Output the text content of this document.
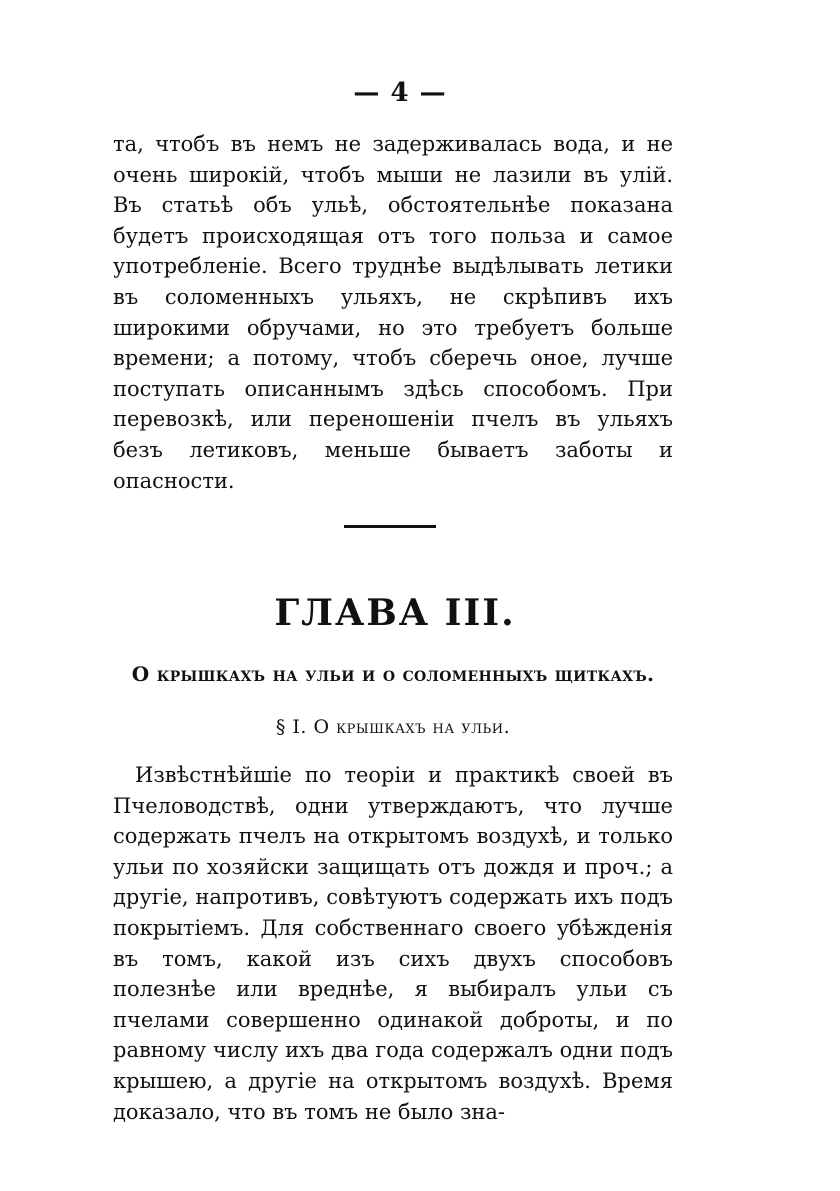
— 4 —

та, чтобъ въ немъ не задерживалась вода, и не очень широкій, чтобъ мыши не лазили въ улій. Въ статьѣ объ ульѣ, обстоятельнѣе показана будетъ происходящая отъ того польза и самое употребленіе. Всего труднѣе выдѣлывать летики въ соломенныхъ ульяхъ, не скрѣпивъ ихъ широкими обручами, но это требуетъ больше времени; а потому, чтобъ сберечь оное, лучше поступать описаннымъ здѣсь способомъ. При перевозкѣ, или переношеніи пчелъ въ ульяхъ безъ летиковъ, меньше бываетъ заботы и опасности.

ГЛАВА III.
О крышкахъ на ульи и о соломенныхъ щиткахъ.
§ I. О крышкахъ на ульи.

Извѣстнѣйшіе по теоріи и практикѣ своей въ Пчеловодствѣ, одни утверждаютъ, что лучше содержать пчелъ на открытомъ воздухѣ, и только ульи по хозяйски защищать отъ дождя и проч.; а другіе, напротивъ, совѣтуютъ содержать ихъ подъ покрытіемъ. Для собственнаго своего убѣжденія въ томъ, какой изъ сихъ двухъ способовъ полезнѣе или вреднѣе, я выбиралъ ульи съ пчелами совершенно одинакой доброты, и по равному числу ихъ два года содержалъ одни подъ крышею, а другіе на открытомъ воздухѣ. Время доказало, что въ томъ не было зна-
